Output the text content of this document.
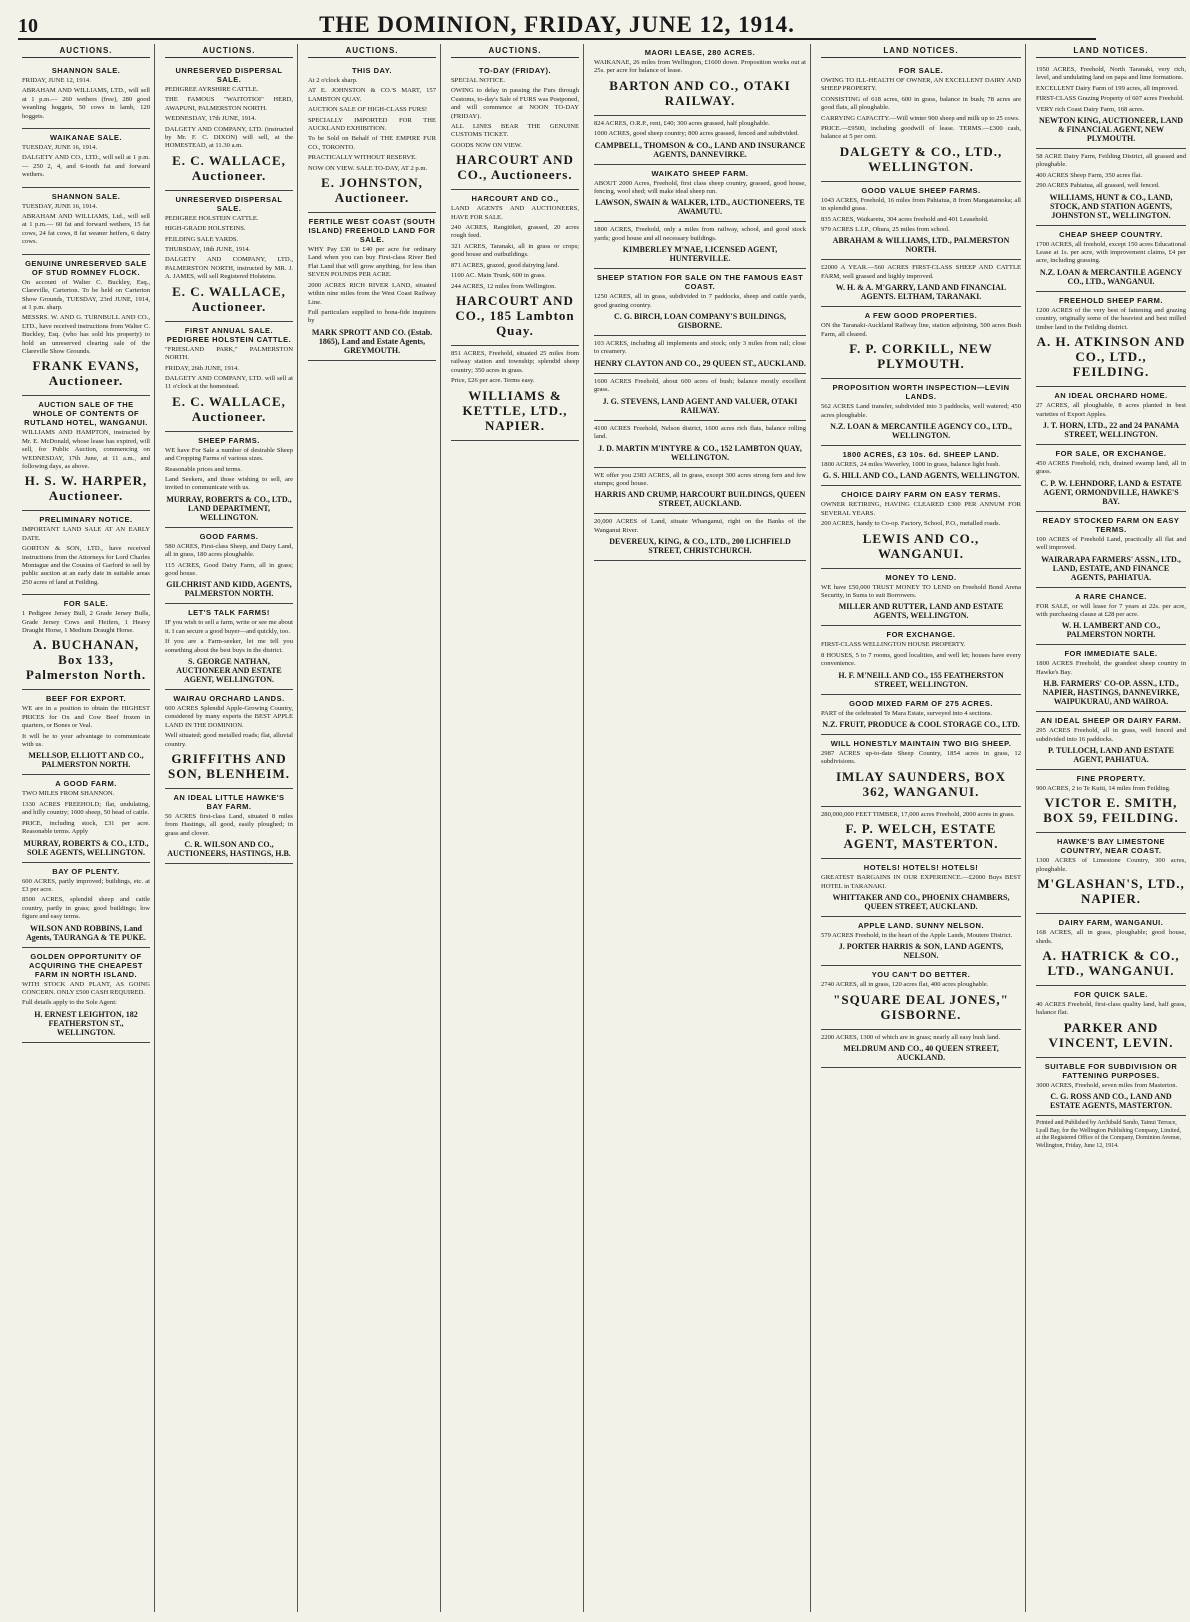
10	THE DOMINION, FRIDAY, JUNE 12, 1914.
AUCTIONS.
SHANNON SALE.

FRIDAY, JUNE 12, 1914.

ABRAHAM AND WILLIAMS, LTD., will sell at 1 p.m.— 260 wethers (free), 280 good weanling hoggets, 50 cows in lamb, 120 hoggets.

WAIKANAE SALE.

TUESDAY, JUNE 16, 1914.

DALGETY AND CO., LTD., will sell at 1 p.m.— 250 2, 4, and 6-tooth fat and forward wethers.

SHANNON SALE.

TUESDAY, JUNE 16, 1914.

ABRAHAM AND WILLIAMS, Ltd., will sell at 1 p.m.— 60 fat and forward wethers, 15 fat cows, 24 fat cows, 8 fat weaner heifers, 6 dairy cows.

GENUINE UNRESERVED SALE OF STUD ROMNEY FLOCK.

On account of Walter C. Buckley, Esq., Clareville, Carterton. To be held on Carterton Show Grounds, TUESDAY, 23rd JUNE, 1914, at 1 p.m. sharp.

MESSRS. W. AND G. TURNBULL AND CO., LTD., have received instructions from Walter C. Buckley, Esq. (who has sold his property) to hold an unreserved clearing sale of the Clareville Show Grounds.

FRANK EVANS, Auctioneer.
AUCTION SALE OF THE WHOLE OF CONTENTS OF RUTLAND HOTEL, WANGANUI.

WILLIAMS AND HAMPTON, instructed by Mr. E. McDonald, whose lease has expired, will sell, for Public Auction, commencing on WEDNESDAY, 17th June, at 11 a.m., and following days, as above.

H. S. W. HARPER, Auctioneer.
PRELIMINARY NOTICE.

IMPORTANT LAND SALE AT AN EARLY DATE.

GORTON & SON, LTD., have received instructions from the Attorneys for Lord Charles Montague and the Cousins of Garford to sell by public auction at an early date in suitable areas 250 acres of land at Feilding.

FOR SALE.

1 Pedigree Jersey Bull, 2 Grade Jersey Bulls, Grade Jersey Cows and Heifers, 1 Heavy Draught Horse, 1 Medium Draught Horse.

A. BUCHANAN, Box 133, Palmerston North.
BEEF FOR EXPORT.

WE are in a position to obtain the HIGHEST PRICES for Ox and Cow Beef frozen in quarters, or Bones or Veal.

It will be to your advantage to communicate with us.

MELLSOP, ELLIOTT AND CO., PALMERSTON NORTH.
A GOOD FARM.

TWO MILES FROM SHANNON.

1330 ACRES FREEHOLD; flat, undulating, and hilly country; 1600 sheep, 50 head of cattle.

PRICE, including stock, £31 per acre. Reasonable terms. Apply

MURRAY, ROBERTS & CO., LTD., SOLE AGENTS, WELLINGTON.
BAY OF PLENTY.

600 ACRES, partly improved; buildings, etc. at £3 per acre.

8500 ACRES, splendid sheep and cattle country, partly in grass; good buildings; low figure and easy terms.

WILSON AND ROBBINS, Land Agents, TAURANGA & TE PUKE.
GOLDEN OPPORTUNITY OF ACQUIRING THE CHEAPEST FARM IN NORTH ISLAND.

WITH STOCK AND PLANT, AS GOING CONCERN. ONLY £500 CASH REQUIRED.

Full details apply to the Sole Agent:

H. ERNEST LEIGHTON, 182 FEATHERSTON ST., WELLINGTON.
AUCTIONS.
UNRESERVED DISPERSAL SALE.

PEDIGREE AYRSHIRE CATTLE.

THE FAMOUS "WAITOTIOI" HERD, AWAPUNI, PALMERSTON NORTH.

WEDNESDAY, 17th JUNE, 1914.

DALGETY AND COMPANY, LTD. (instructed by Mr. F. C. DIXON) will sell, at the HOMESTEAD, at 11.30 a.m.

E. C. WALLACE, Auctioneer.
UNRESERVED DISPERSAL SALE.

PEDIGREE HOLSTEIN CATTLE.

HIGH-GRADE HOLSTEINS.

FEILDING SALE YARDS.

THURSDAY, 18th JUNE, 1914.

DALGETY AND COMPANY, LTD., PALMERSTON NORTH, instructed by MR. J. A. JAMES, will sell Registered Holsteins.

E. C. WALLACE, Auctioneer.
FIRST ANNUAL SALE. PEDIGREE HOLSTEIN CATTLE.

"FRIESLAND PARK," PALMERSTON NORTH.

FRIDAY, 26th JUNE, 1914.

DALGETY AND COMPANY, LTD. will sell at 11 o'clock at the homestead.

E. C. WALLACE, Auctioneer.
SHEEP FARMS.

WE have For Sale a number of desirable Sheep and Cropping Farms of various sizes.

Reasonable prices and terms.

Land Seekers, and those wishing to sell, are invited to communicate with us.

MURRAY, ROBERTS & CO., LTD., LAND DEPARTMENT, WELLINGTON.
GOOD FARMS.

580 ACRES, First-class Sheep, and Dairy Land, all in grass, 180 acres ploughable.

115 ACRES, Good Dairy Farm, all in grass; good house.

GILCHRIST AND KIDD, AGENTS, PALMERSTON NORTH.
LET'S TALK FARMS!

IF you wish to sell a farm, write or see me about it. I can secure a good buyer—and quickly, too.

If you are a Farm-seeker, let me tell you something about the best buys in the district.

S. GEORGE NATHAN, AUCTIONEER AND ESTATE AGENT, WELLINGTON.
WAIRAU ORCHARD LANDS.

600 ACRES Splendid Apple-Growing Country, considered by many experts the BEST APPLE LAND IN THE DOMINION.

Well situated; good metalled roads; flat, alluvial country.

GRIFFITHS AND SON, BLENHEIM.
AN IDEAL LITTLE HAWKE'S BAY FARM.

50 ACRES first-class Land, situated 8 miles from Hastings, all good, easily ploughed; in grass and clover.

C. R. WILSON AND CO., AUCTIONEERS, HASTINGS, H.B.
AUCTIONS.
THIS DAY.

At 2 o'clock sharp.

AT E. JOHNSTON & CO.'S MART, 157 LAMBTON QUAY.

AUCTION SALE OF HIGH-CLASS FURS!

SPECIALLY IMPORTED FOR THE AUCKLAND EXHIBITION.

To be Sold on Behalf of THE EMPIRE FUR CO., TORONTO.

PRACTICALLY WITHOUT RESERVE.

NOW ON VIEW. SALE TO-DAY, AT 2 p.m.

E. JOHNSTON, Auctioneer.
FERTILE WEST COAST (SOUTH ISLAND) FREEHOLD LAND FOR SALE.

WHY Pay £30 to £40 per acre for ordinary Land when you can buy First-class River Bed Flat Land that will grow anything, for less than SEVEN POUNDS PER ACRE.

2000 ACRES RICH RIVER LAND, situated within nine miles from the West Coast Railway Line.

Full particulars supplied to bona-fide inquirers by

MARK SPROTT AND CO. (Estab. 1865), Land and Estate Agents, GREYMOUTH.
AUCTIONS.
TO-DAY (FRIDAY).

SPECIAL NOTICE.

OWING to delay in passing the Furs through Customs, to-day's Sale of FURS was Postponed, and will commence at NOON TO-DAY (FRIDAY).

ALL LINES BEAR THE GENUINE CUSTOMS TICKET.

GOODS NOW ON VIEW.

HARCOURT AND CO., Auctioneers.
HARCOURT AND CO.,

LAND AGENTS AND AUCTIONEERS, HAVE FOR SALE.

240 ACRES, Rangitikei, grassed, 20 acres rough feed.

321 ACRES, Taranaki, all in grass or crops; good house and outbuildings.

871 ACRES, grazed, good dairying land.

1100 AC. Main Trunk, 600 in grass.

244 ACRES, 12 miles from Wellington.

HARCOURT AND CO., 185 Lambton Quay.

851 ACRES, Freehold, situated 25 miles from railway station and township; splendid sheep country; 350 acres in grass.

Price, £26 per acre. Terms easy.

WILLIAMS & KETTLE, LTD., NAPIER.
MAORI LEASE, 280 ACRES.

WAIKANAE, 26 miles from Wellington, £1600 down. Proposition works out at 25s. per acre for balance of lease.

BARTON AND CO., OTAKI RAILWAY.

824 ACRES, O.R.P., rent, £40; 300 acres grassed, half ploughable.

1000 ACRES, good sheep country; 800 acres grassed, fenced and subdivided.

CAMPBELL, THOMSON & CO., LAND AND INSURANCE AGENTS, DANNEVIRKE.
WAIKATO SHEEP FARM.

ABOUT 2000 Acres, Freehold, first class sheep country, grassed, good house, fencing, wool shed; will make ideal sheep run.

LAWSON, SWAIN & WALKER, LTD., AUCTIONEERS, TE AWAMUTU.

1800 ACRES, Freehold, only a miles from railway, school, and good stock yards; good house and all necessary buildings.

KIMBERLEY M'NAE, LICENSED AGENT, HUNTERVILLE.
SHEEP STATION FOR SALE ON THE FAMOUS EAST COAST.

1250 ACRES, all in grass, subdivided in 7 paddocks, sheep and cattle yards, good grazing country.

C. G. BIRCH, LOAN COMPANY'S BUILDINGS, GISBORNE.

103 ACRES, including all implements and stock; only 3 miles from rail; close to creamery.

HENRY CLAYTON AND CO., 29 QUEEN ST., AUCKLAND.

1600 ACRES Freehold, about 600 acres of bush; balance mostly excellent grass.

J. G. STEVENS, LAND AGENT AND VALUER, OTAKI RAILWAY.

4100 ACRES Freehold, Nelson district, 1600 acres rich flats, balance rolling land.

J. D. MARTIN M'INTYRE & CO., 152 LAMBTON QUAY, WELLINGTON.

WE offer you 2383 ACRES, all in grass, except 300 acres strong fern and few stumps; good house.

HARRIS AND CRUMP, HARCOURT BUILDINGS, QUEEN STREET, AUCKLAND.

20,000 ACRES of Land, situate Whanganui, right on the Banks of the Wanganui River.

DEVEREUX, KING, & CO., LTD., 200 LICHFIELD STREET, CHRISTCHURCH.
LAND NOTICES.
FOR SALE.

OWING TO ILL-HEALTH OF OWNER, AN EXCELLENT DAIRY AND SHEEP PROPERTY.

CONSISTING of 618 acres, 600 in grass, balance in bush; 78 acres are good flats, all ploughable.

CARRYING CAPACITY.—Will winter 900 sheep and milk up to 25 cows.

PRICE.—£9500, including goodwill of lease. TERMS.—£300 cash, balance at 5 per cent.

DALGETY & CO., LTD., WELLINGTON.
GOOD VALUE SHEEP FARMS.

1043 ACRES, Freehold, 16 miles from Pahiatua, 8 from Mangatainoka; all in splendid grass.

835 ACRES, Waikaretu, 304 acres freehold and 401 Leasehold.

979 ACRES L.I.P., Ohura, 25 miles from school.

ABRAHAM & WILLIAMS, LTD., PALMERSTON NORTH.

£2000 A YEAR.—560 ACRES FIRST-CLASS SHEEP AND CATTLE FARM, well grassed and highly improved.

W. H. & A. M'GARRY, LAND AND FINANCIAL AGENTS. ELTHAM, TARANAKI.
A FEW GOOD PROPERTIES.

ON the Taranaki-Auckland Railway line, station adjoining, 500 acres Bush Farm, all cleared.

F. P. CORKILL, NEW PLYMOUTH.
PROPOSITION WORTH INSPECTION—LEVIN LANDS.

562 ACRES Land transfer, subdivided into 3 paddocks, well watered; 450 acres ploughable.

N.Z. LOAN & MERCANTILE AGENCY CO., LTD., WELLINGTON.
1800 ACRES, £3 10s. 6d. SHEEP LAND.

1800 ACRES, 24 miles Waverley, 1000 in grass, balance light bush.

G. S. HILL AND CO., LAND AGENTS, WELLINGTON.
CHOICE DAIRY FARM ON EASY TERMS.

OWNER RETIRING, HAVING CLEARED £300 PER ANNUM FOR SEVERAL YEARS.

200 ACRES, handy to Co-op. Factory, School, P.O., metalled roads.

LEWIS AND CO., WANGANUI.
MONEY TO LEND.

WE have £50,000 TRUST MONEY TO LEND on Freehold Bond Arena Security, in Sums to suit Borrowers.

MILLER AND RUTTER, LAND AND ESTATE AGENTS, WELLINGTON.
FOR EXCHANGE.

FIRST-CLASS WELLINGTON HOUSE PROPERTY.

8 HOUSES, 5 to 7 rooms, good localities, and well let; houses have every convenience.

H. F. M'NEILL AND CO., 155 FEATHERSTON STREET, WELLINGTON.
GOOD MIXED FARM OF 275 ACRES.

PART of the celebrated Te Mara Estate, surveyed into 4 sections.

N.Z. FRUIT, PRODUCE & COOL STORAGE CO., LTD.
WILL HONESTLY MAINTAIN TWO BIG SHEEP.

2987 ACRES up-to-date Sheep Country, 1854 acres in grass, 12 subdivisions.

IMLAY SAUNDERS, BOX 362, WANGANUI.

280,000,000 FEET TIMBER, 17,000 acres Freehold, 2000 acres in grass.

F. P. WELCH, ESTATE AGENT, MASTERTON.
HOTELS! HOTELS! HOTELS!

GREATEST BARGAINS IN OUR EXPERIENCE.—£2000 Buys BEST HOTEL in TARANAKI.

WHITTAKER AND CO., PHOENIX CHAMBERS, QUEEN STREET, AUCKLAND.
APPLE LAND. SUNNY NELSON.

579 ACRES Freehold, in the heart of the Apple Lands, Moutere District.

J. PORTER HARRIS & SON, LAND AGENTS, NELSON.
YOU CAN'T DO BETTER.

2740 ACRES, all in grass, 120 acres flat, 400 acres ploughable.

"SQUARE DEAL JONES," GISBORNE.

2200 ACRES, 1300 of which are in grass; nearly all easy bush land.

MELDRUM AND CO., 40 QUEEN STREET, AUCKLAND.
LAND NOTICES.

1950 ACRES, Freehold, North Taranaki, very rich, level, and undulating land on papa and lime formations.

EXCELLENT Dairy Farm of 199 acres, all improved.

FIRST-CLASS Grazing Property of 607 acres Freehold.

VERY rich Coast Dairy Farm, 168 acres.

NEWTON KING, AUCTIONEER, LAND & FINANCIAL AGENT, NEW PLYMOUTH.

58 ACRE Dairy Farm, Feilding District, all grassed and ploughable.

400 ACRES Sheep Farm, 350 acres flat.

290 ACRES Pahiatua, all grassed, well fenced.

WILLIAMS, HUNT & CO., LAND, STOCK, AND STATION AGENTS, JOHNSTON ST., WELLINGTON.
CHEAP SHEEP COUNTRY.

1700 ACRES, all freehold, except 150 acres Educational Lease at 1s. per acre, with improvement claims, £4 per acre, including grassing.

N.Z. LOAN & MERCANTILE AGENCY CO., LTD., WANGANUI.
FREEHOLD SHEEP FARM.

1200 ACRES of the very best of fattening and grazing country, originally some of the heaviest and best milled timber land in the Feilding district.

A. H. ATKINSON AND CO., LTD., FEILDING.
AN IDEAL ORCHARD HOME.

27 ACRES, all ploughable, 8 acres planted in best varieties of Export Apples.

J. T. HORN, LTD., 22 and 24 PANAMA STREET, WELLINGTON.
FOR SALE, OR EXCHANGE.

450 ACRES Freehold, rich, drained swamp land, all in grass.

C. P. W. LEHNDORF, LAND & ESTATE AGENT, ORMONDVILLE, HAWKE'S BAY.
READY STOCKED FARM ON EASY TERMS.

100 ACRES of Freehold Land, practically all flat and well improved.

WAIRARAPA FARMERS' ASSN., LTD., LAND, ESTATE, AND FINANCE AGENTS, PAHIATUA.
A RARE CHANCE.

FOR SALE, or will lease for 7 years at 22s. per acre, with purchasing clause at £28 per acre.

W. H. LAMBERT AND CO., PALMERSTON NORTH.
FOR IMMEDIATE SALE.

1800 ACRES Freehold, the grandest sheep country in Hawke's Bay.

H.B. FARMERS' CO-OP. ASSN., LTD., NAPIER, HASTINGS, DANNEVIRKE, WAIPUKURAU, AND WAIROA.
AN IDEAL SHEEP OR DAIRY FARM.

295 ACRES Freehold, all in grass, well fenced and subdivided into 16 paddocks.

P. TULLOCH, LAND AND ESTATE AGENT, PAHIATUA.
FINE PROPERTY.

900 ACRES, 2 to Te Kuiti, 14 miles from Feilding.

VICTOR E. SMITH, BOX 59, FEILDING.
HAWKE'S BAY LIMESTONE COUNTRY, NEAR COAST.

1300 ACRES of Limestone Country, 300 acres, ploughable.

M'GLASHAN'S, LTD., NAPIER.
DAIRY FARM, WANGANUI.

168 ACRES, all in grass, ploughable; good house, sheds.

A. HATRICK & CO., LTD., WANGANUI.
FOR QUICK SALE.

40 ACRES Freehold, first-class quality land, half grass, balance flat.

PARKER AND VINCENT, LEVIN.
SUITABLE FOR SUBDIVISION OR FATTENING PURPOSES.

3000 ACRES, Freehold, seven miles from Masterton.

C. G. ROSS AND CO., LAND AND ESTATE AGENTS, MASTERTON.

Printed and Published by Archibald Sando, Tainui Terrace, Lyall Bay, for the Wellington Publishing Company, Limited, at the Registered Office of the Company, Dominion Avenue, Wellington, Friday, June 12, 1914.
